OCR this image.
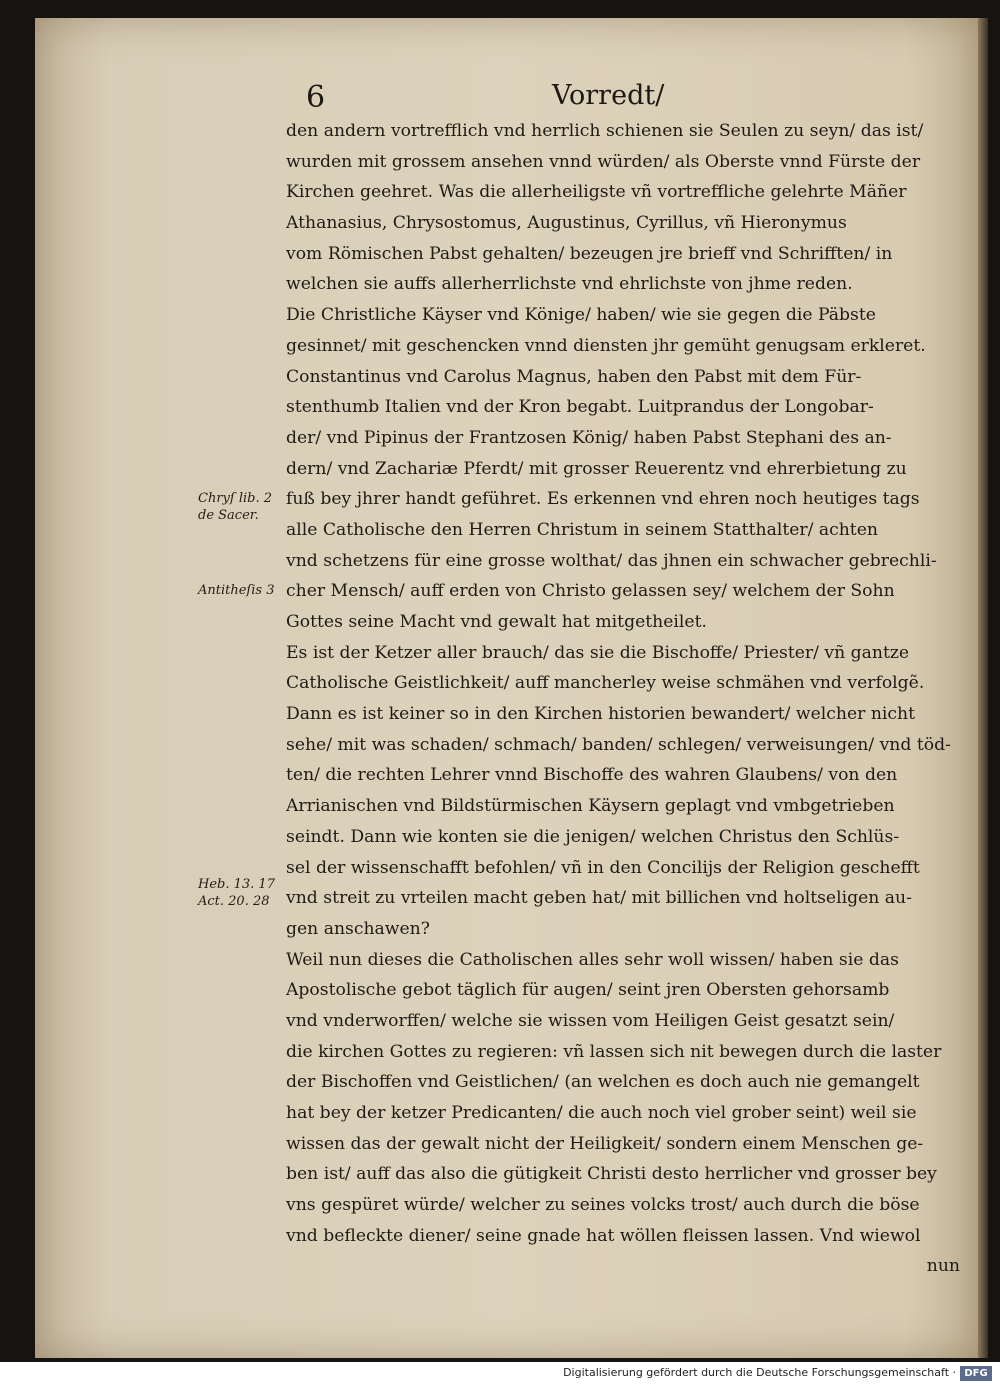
6	Vorredt/
den andern vortrefflich vnd herrlich schienen sie Seulen zu seyn/ das ist/
wurden mit grossem ansehen vnnd würden/ als Oberste vnnd Fürste der
Kirchen geehret. Was die allerheiligste vñ vortreffliche gelehrte Mäñer
Athanasius, Chrysostomus, Augustinus, Cyrillus, vñ Hieronymus
vom Römischen Pabst gehalten/ bezeugen jre brieff vnd Schrifften/ in
welchen sie auffs allerherrlichste vnd ehrlichste von jhme reden.
Die Christliche Käyser vnd Könige/ haben/ wie sie gegen die Päbste
gesinnet/ mit geschencken vnnd diensten jhr gemüht genugsam erkleret.
Constantinus vnd Carolus Magnus, haben den Pabst mit dem Für-
stenthumb Italien vnd der Kron begabt. Luitprandus der Longobar-
der/ vnd Pipinus der Frantzosen König/ haben Pabst Stephani des an-
dern/ vnd Zachariæ Pferdt/ mit grosser Reuerentz vnd ehrerbietung zu
fuß bey jhrer handt geführet. Es erkennen vnd ehren noch heutiges tags
alle Catholische den Herren Christum in seinem Statthalter/ achten
vnd schetzens für eine grosse wolthat/ das jhnen ein schwacher gebrechli-
cher Mensch/ auff erden von Christo gelassen sey/ welchem der Sohn
Gottes seine Macht vnd gewalt hat mitgetheilet.
Es ist der Ketzer aller brauch/ das sie die Bischoffe/ Priester/ vñ gantze
Catholische Geistlichkeit/ auff mancherley weise schmähen vnd verfolgẽ.
Dann es ist keiner so in den Kirchen historien bewandert/ welcher nicht
sehe/ mit was schaden/ schmach/ banden/ schlegen/ verweisungen/ vnd töd-
ten/ die rechten Lehrer vnnd Bischoffe des wahren Glaubens/ von den
Arrianischen vnd Bildstürmischen Käysern geplagt vnd vmbgetrieben
seindt. Dann wie konten sie die jenigen/ welchen Christus den Schlüs-
sel der wissenschafft befohlen/ vñ in den Concilijs der Religion geschefft
vnd streit zu vrteilen macht geben hat/ mit billichen vnd holtseligen au-
gen anschawen?
Weil nun dieses die Catholischen alles sehr woll wissen/ haben sie das
Apostolische gebot täglich für augen/ seint jren Obersten gehorsamb
vnd vnderworffen/ welche sie wissen vom Heiligen Geist gesatzt sein/
die kirchen Gottes zu regieren: vñ lassen sich nit bewegen durch die laster
der Bischoffen vnd Geistlichen/ (an welchen es doch auch nie gemangelt
hat bey der ketzer Predicanten/ die auch noch viel grober seint) weil sie
wissen das der gewalt nicht der Heiligkeit/ sondern einem Menschen ge-
ben ist/ auff das also die gütigkeit Christi desto herrlicher vnd grosser bey
vns gespüret würde/ welcher zu seines volcks trost/ auch durch die böse
vnd befleckte diener/ seine gnade hat wöllen fleissen lassen. Vnd wiewol
nun
Chryſ lib. 2
de Sacer.
Antitheſis 3
Heb. 13. 17
Act. 20. 28
Digitalisierung gefördert durch die Deutsche Forschungsgemeinschaft · DFG
